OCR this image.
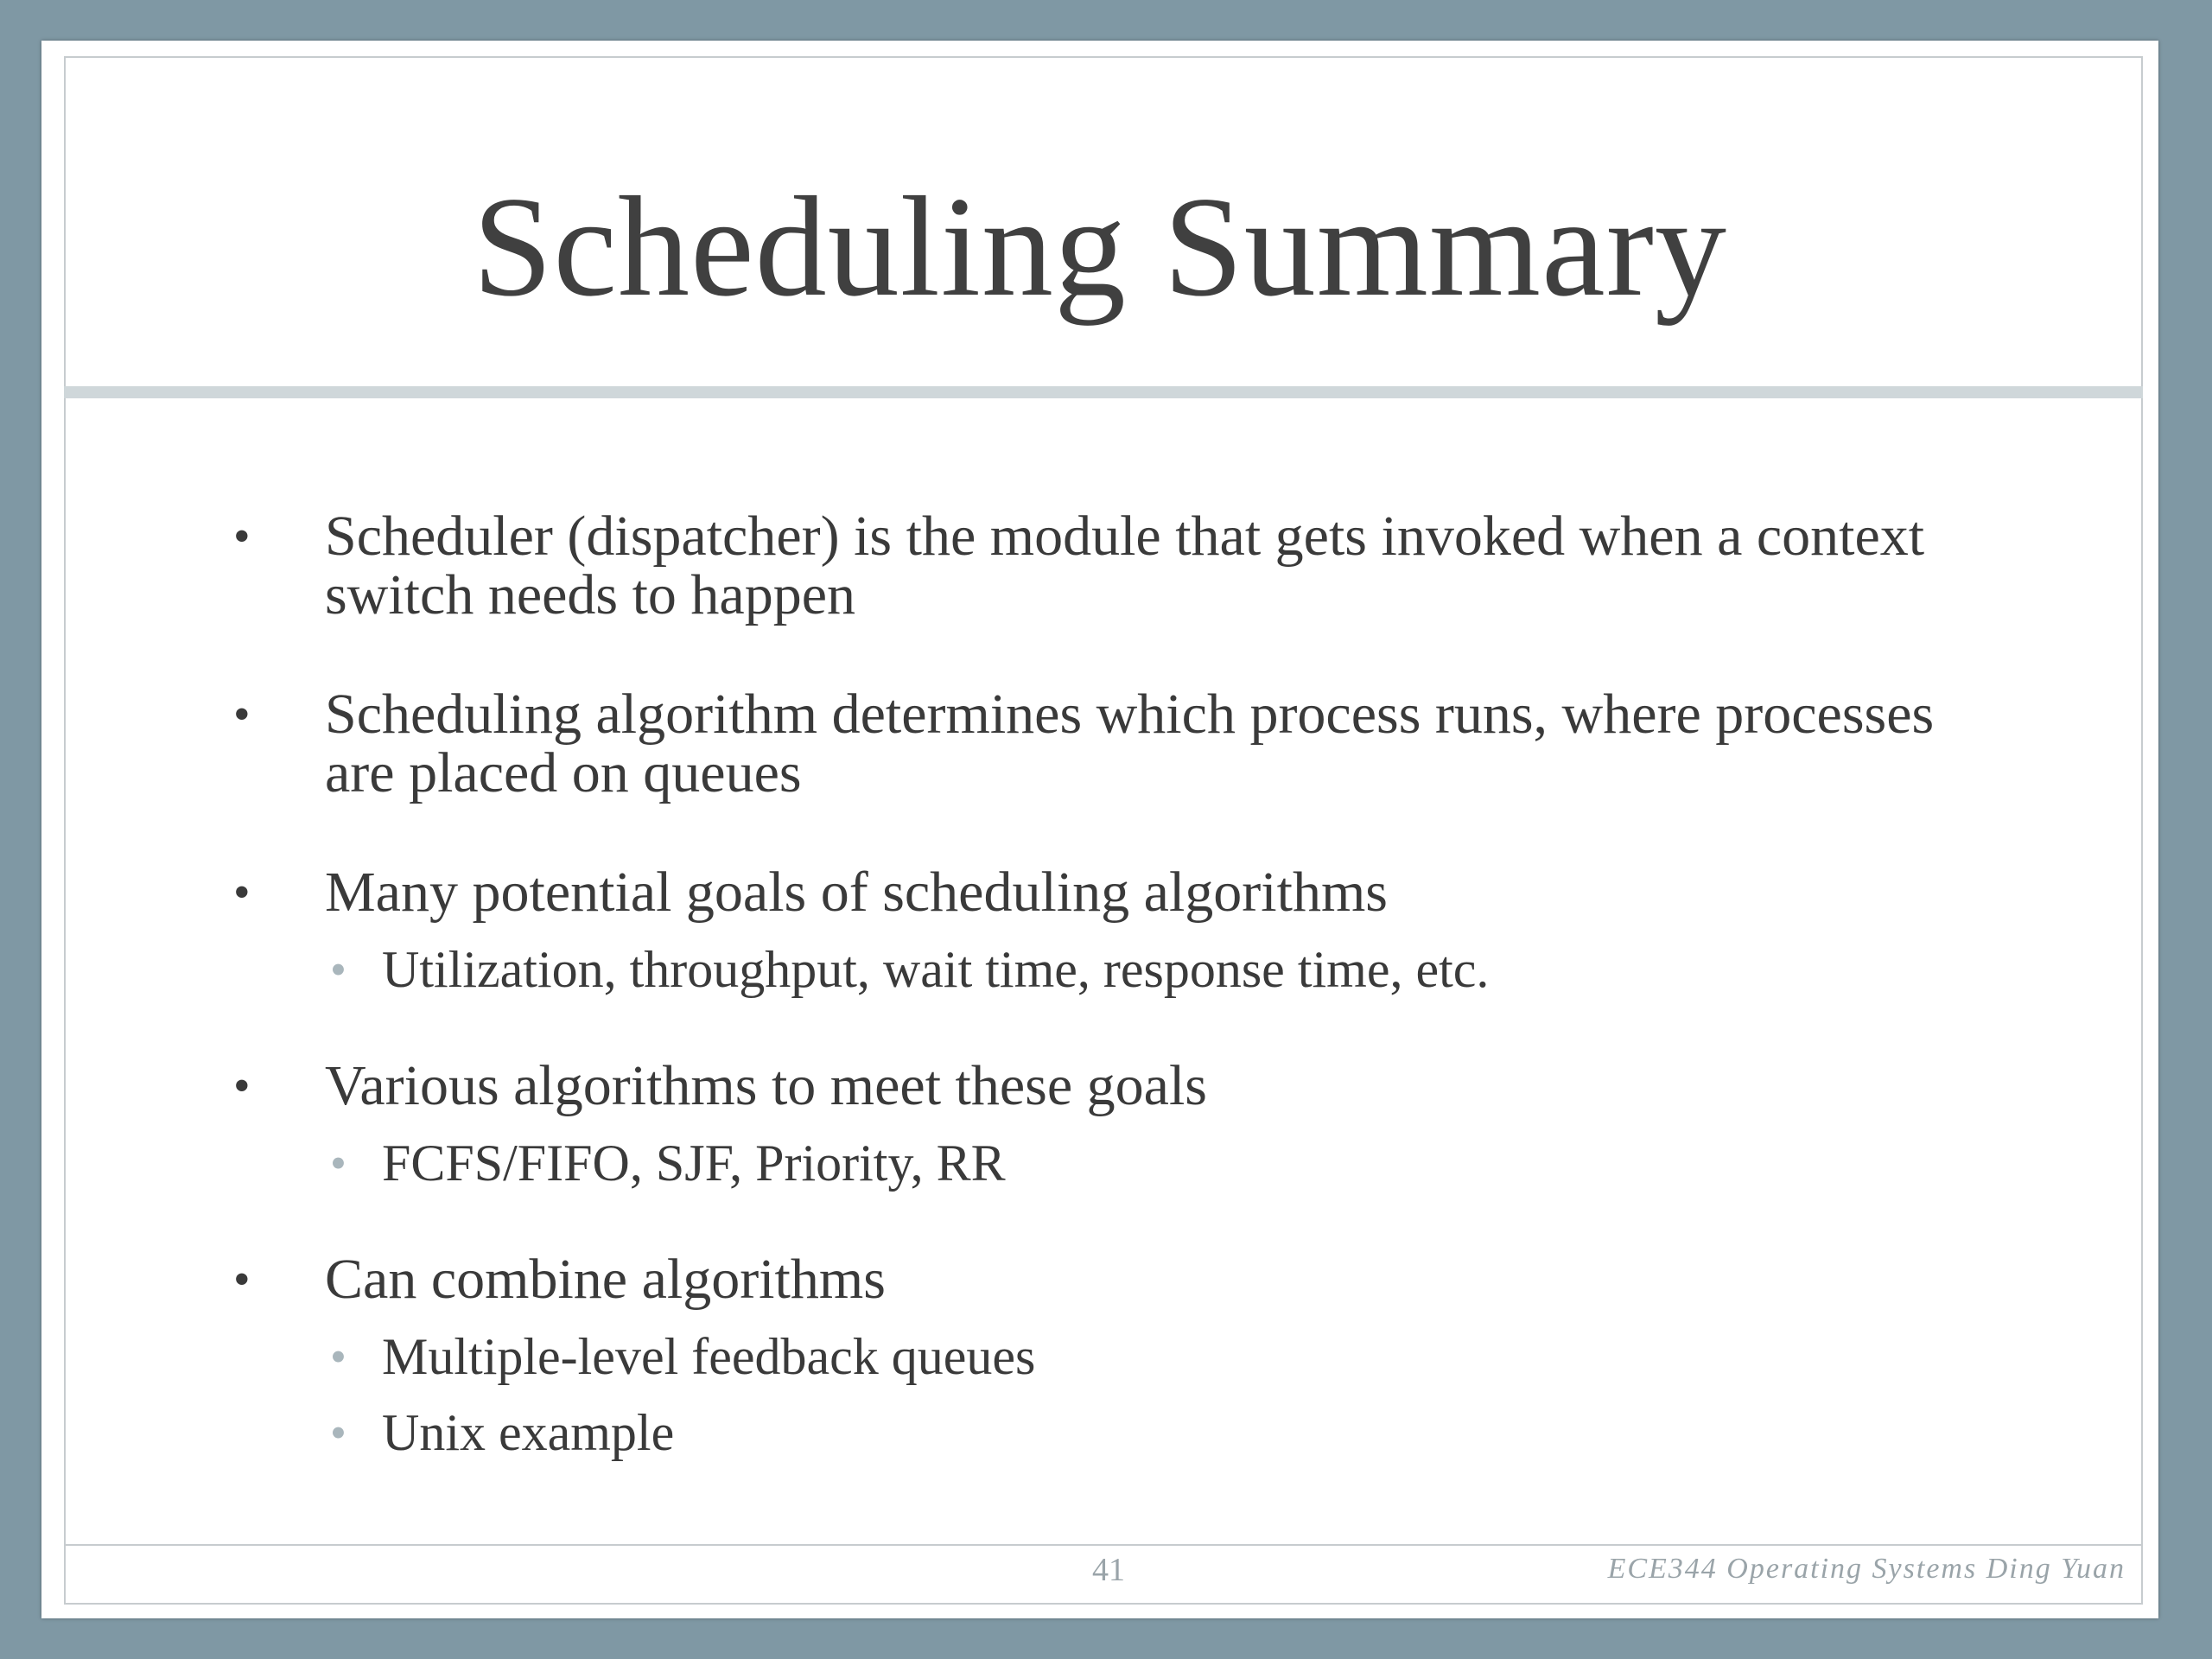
Scheduling Summary
• Scheduler (dispatcher) is the module that gets invoked when a context switch needs to happen
• Scheduling algorithm determines which process runs, where processes are placed on queues
• Many potential goals of scheduling algorithms
• Utilization, throughput, wait time, response time, etc.
• Various algorithms to meet these goals
• FCFS/FIFO, SJF, Priority, RR
• Can combine algorithms
• Multiple-level feedback queues
• Unix example
41	ECE344 Operating Systems Ding Yuan
